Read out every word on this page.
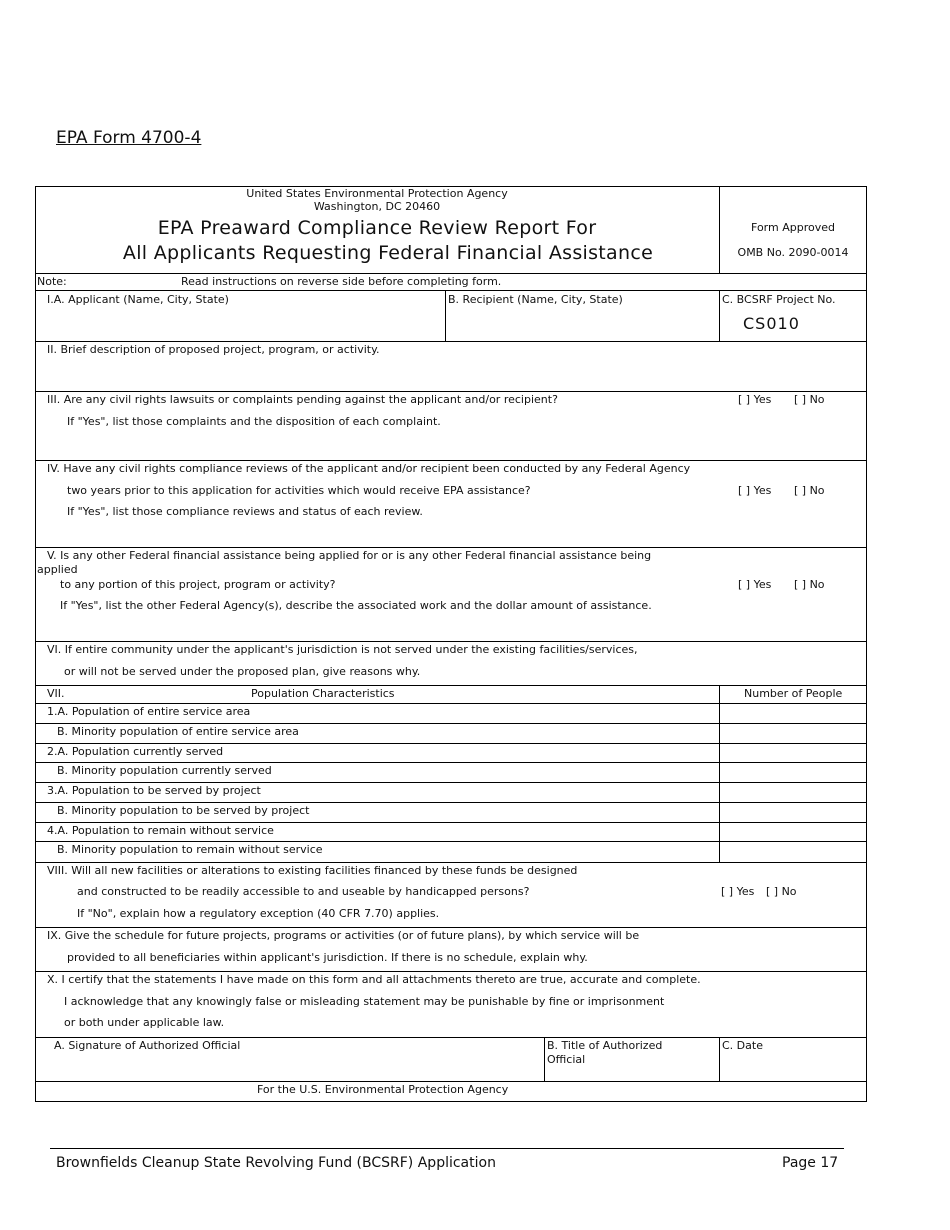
EPA Form 4700-4
United States Environmental Protection Agency
Washington, DC 20460
EPA Preaward Compliance Review Report For
All Applicants Requesting Federal Financial Assistance
Form Approved
OMB No. 2090-0014
Note:	Read instructions on reverse side before completing form.
I.A. Applicant (Name, City, State)	B. Recipient (Name, City, State)	C. BCSRF Project No.
CS010
II. Brief description of proposed project, program, or activity.
III. Are any civil rights lawsuits or complaints pending against the applicant and/or recipient?	[ ] Yes [ ] No
If "Yes", list those complaints and the disposition of each complaint.
IV. Have any civil rights compliance reviews of the applicant and/or recipient been conducted by any Federal Agency
two years prior to this application for activities which would receive EPA assistance?	[ ] Yes [ ] No
If "Yes", list those compliance reviews and status of each review.
V. Is any other Federal financial assistance being applied for or is any other Federal financial assistance being
applied
to any portion of this project, program or activity?	[ ] Yes [ ] No
If "Yes", list the other Federal Agency(s), describe the associated work and the dollar amount of assistance.
VI. If entire community under the applicant's jurisdiction is not served under the existing facilities/services,
or will not be served under the proposed plan, give reasons why.
VII.	Population Characteristics	Number of People
1.A. Population of entire service area
B. Minority population of entire service area
2.A. Population currently served
B. Minority population currently served
3.A. Population to be served by project
B. Minority population to be served by project
4.A. Population to remain without service
B. Minority population to remain without service
VIII. Will all new facilities or alterations to existing facilities financed by these funds be designed
and constructed to be readily accessible to and useable by handicapped persons?	[ ] Yes [ ] No
If "No", explain how a regulatory exception (40 CFR 7.70) applies.
IX. Give the schedule for future projects, programs or activities (or of future plans), by which service will be
provided to all beneficiaries within applicant's jurisdiction. If there is no schedule, explain why.
X. I certify that the statements I have made on this form and all attachments thereto are true, accurate and complete.
I acknowledge that any knowingly false or misleading statement may be punishable by fine or imprisonment
or both under applicable law.
A. Signature of Authorized Official	B. Title of Authorized
Official
C. Date
For the U.S. Environmental Protection Agency
Brownfields Cleanup State Revolving Fund (BCSRF) Application	Page 17
